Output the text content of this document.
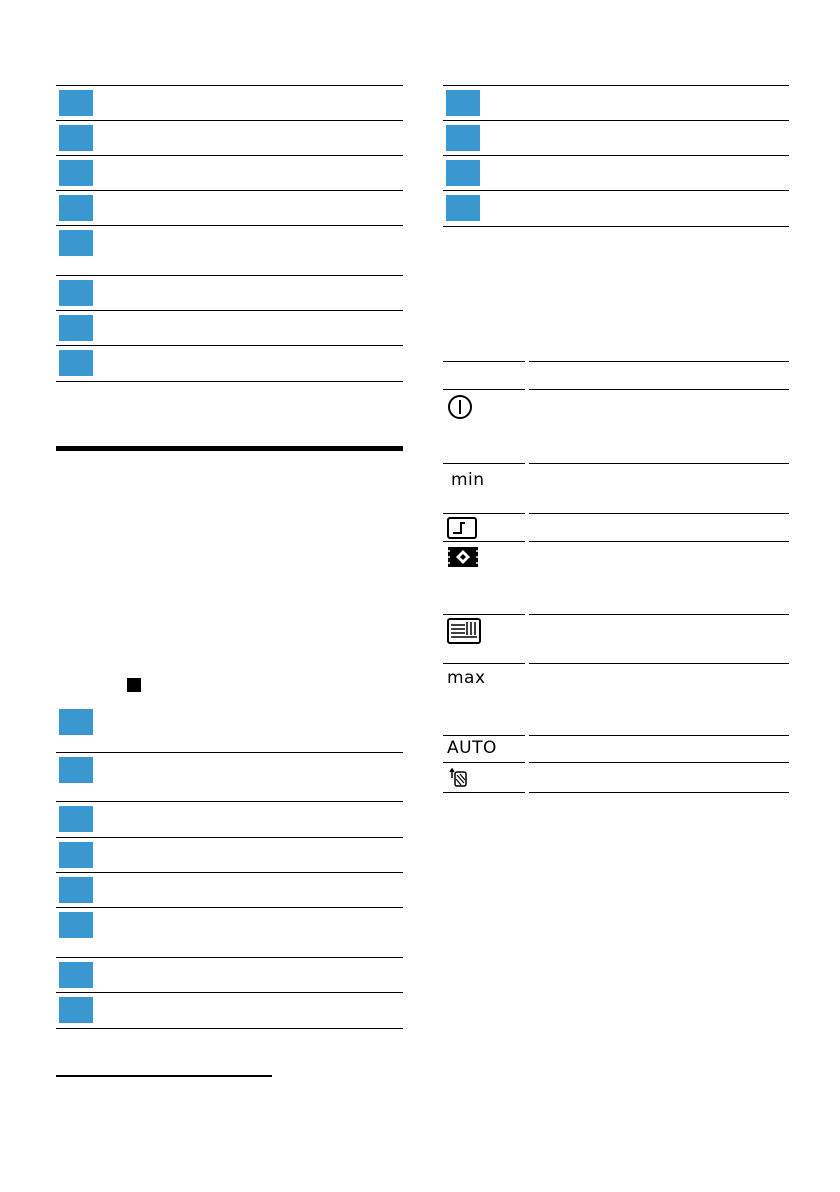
min
max
AUTO
